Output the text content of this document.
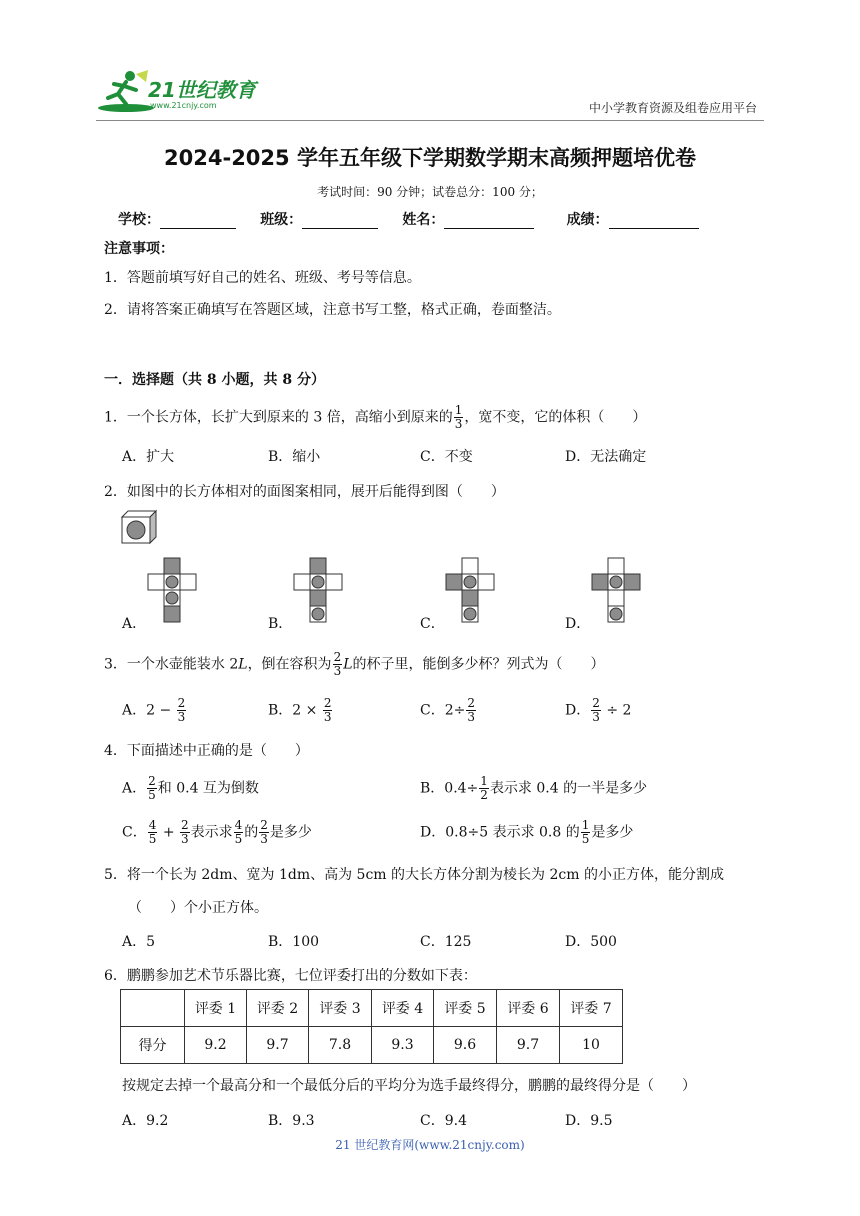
21世纪教育
www.21cnjy.com	中小学教育资源及组卷应用平台
2024-2025 学年五年级下学期数学期末高频押题培优卷
考试时间：90 分钟；试卷总分：100 分；
学校：	班级：	姓名：	成绩：
注意事项：
1．答题前填写好自己的姓名、班级、考号等信息。
2．请将答案正确填写在答题区域，注意书写工整，格式正确，卷面整洁。
一．选择题（共 8 小题，共 8 分）
1．一个长方体，长扩大到原来的 3 倍，高缩小到原来的 $\frac{1}{3}$ ，宽不变，它的体积（　　）
A．扩大	B．缩小	C．不变	D．无法确定
2．如图中的长方体相对的面图案相同，展开后能得到图（　　）
A．	B．	C．	D．
3．一个水壶能装水 2L，倒在容积为 $\frac{2}{3}$ L的杯子里，能倒多少杯？列式为（　　）
A．$2 - \frac{2}{3}$	B．$2 \times \frac{2}{3}$	C．$2\div \frac{2}{3}$	D． $\frac{2}{3} \div 2$
4．下面描述中正确的是（　　）
A． $\frac{2}{5}$ 和 0.4 互为倒数	B．$0.4\div \frac{1}{2}$ 表示求 0.4 的一半是多少
C． $\frac{4}{5} + \frac{2}{3}$ 表示求 $\frac{4}{5}$ 的 $\frac{2}{3}$ 是多少	D．0.8÷5 表示求 0.8 的 $\frac{1}{5}$ 是多少
5．将一个长为 2dm、宽为 1dm、高为 5cm 的大长方体分割为棱长为 2cm 的小正方体，能分割成
（　　）个小正方体。
A．5	B．100	C．125	D．500
6．鹏鹏参加艺术节乐器比赛，七位评委打出的分数如下表：
	评委 1	评委 2	评委 3	评委 4	评委 5	评委 6	评委 7
得分	9.2	9.7	7.8	9.3	9.6	9.7	10
按规定去掉一个最高分和一个最低分后的平均分为选手最终得分，鹏鹏的最终得分是（　　）
A．9.2	B．9.3	C．9.4	D．9.5
21 世纪教育网(www.21cnjy.com)
